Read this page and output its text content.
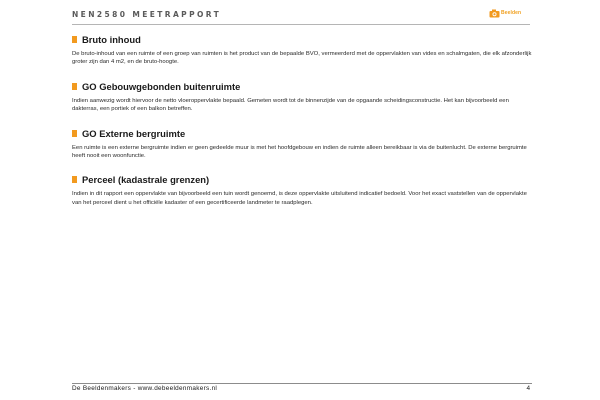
NEN2580 MEETRAPPORT	Beelden
Bruto inhoud

De bruto-inhoud van een ruimte of een groep van ruimten is het product van de bepaalde BVO, vermeerderd met de oppervlakten van vides en schalmgaten, die elk afzonderlijk groter zijn dan 4 m2, en de bruto-hoogte.

GO Gebouwgebonden buitenruimte

Indien aanwezig wordt hiervoor de netto vloeroppervlakte bepaald. Gemeten wordt tot de binnenzijde van de opgaande scheidingsconstructie. Het kan bijvoorbeeld een dakterras, een portiek of een balkon betreffen.

GO Externe bergruimte

Een ruimte is een externe bergruimte indien er geen gedeelde muur is met het hoofdgebouw en indien de ruimte alleen bereikbaar is via de buitenlucht. De externe bergruimte heeft nooit een woonfunctie.

Perceel (kadastrale grenzen)

Indien in dit rapport een oppervlakte van bijvoorbeeld een tuin wordt genoemd, is deze oppervlakte uitsluitend indicatief bedoeld. Voor het exact vaststellen van de oppervlakte van het perceel dient u het officiële kadaster of een gecertificeerde landmeter te raadplegen.

De Beeldenmakers - www.debeeldenmakers.nl	4
